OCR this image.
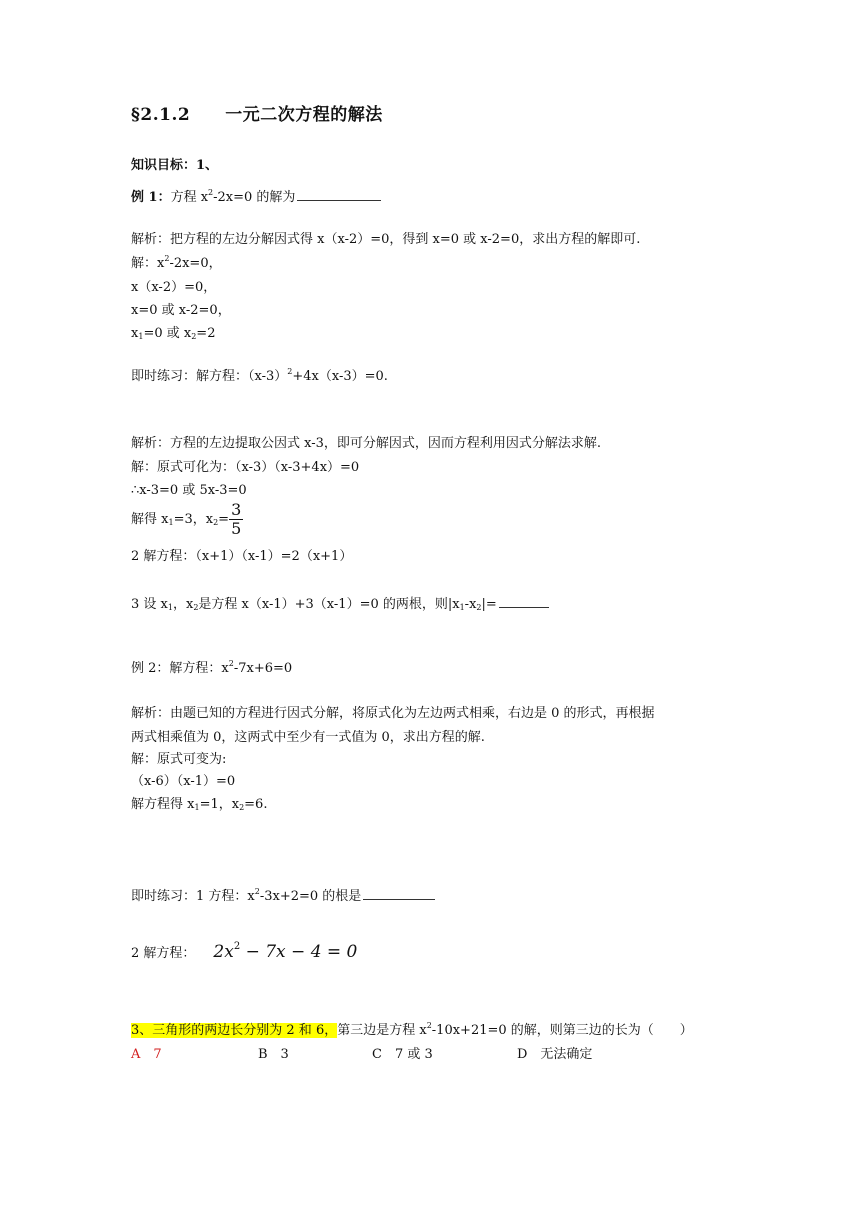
§2.1.2　　一元二次方程的解法
知识目标：1、
例 1：方程 $x^2-2x=0$ 的解为
解析：把方程的左边分解因式得 x（x-2）=0，得到 x=0 或 x-2=0，求出方程的解即可.
解：$x^2-2x=0$，
x（x-2）=0，
x=0 或 x-2=0，
$x_1=0$ 或 $x_2=2$
即时练习：解方程：$(x-3)^2+4x(x-3)=0$.
解析：方程的左边提取公因式 x-3，即可分解因式，因而方程利用因式分解法求解.
解：原式可化为：（x-3）（x-3+4x）=0
∴x-3=0 或 5x-3=0
解得 $x_1=3$，$x_2= \frac{3}{5}$
2 解方程：（x+1）（x-1）=2（x+1）
3 设 $x_1$，$x_2$是方程 x（x-1）+3（x-1）=0 的两根，则$|x_1-x_2|=$
例 2：解方程：$x^2-7x+6=0$
解析：由题已知的方程进行因式分解，将原式化为左边两式相乘，右边是 0 的形式，再根据
两式相乘值为 0，这两式中至少有一式值为 0，求出方程的解.
解：原式可变为:
（x-6）（x-1）=0
解方程得 $x_1=1$，$x_2=6$.
即时练习：1 方程：$x^2-3x+2=0$ 的根是
2 解方程： $2x^2 - 7x - 4 = 0$
3、三角形的两边长分别为 2 和 6，第三边是方程 $x^2-10x+21=0$ 的解，则第三边的长为（　　）
A　7	B　3	C　7 或 3	D　无法确定
